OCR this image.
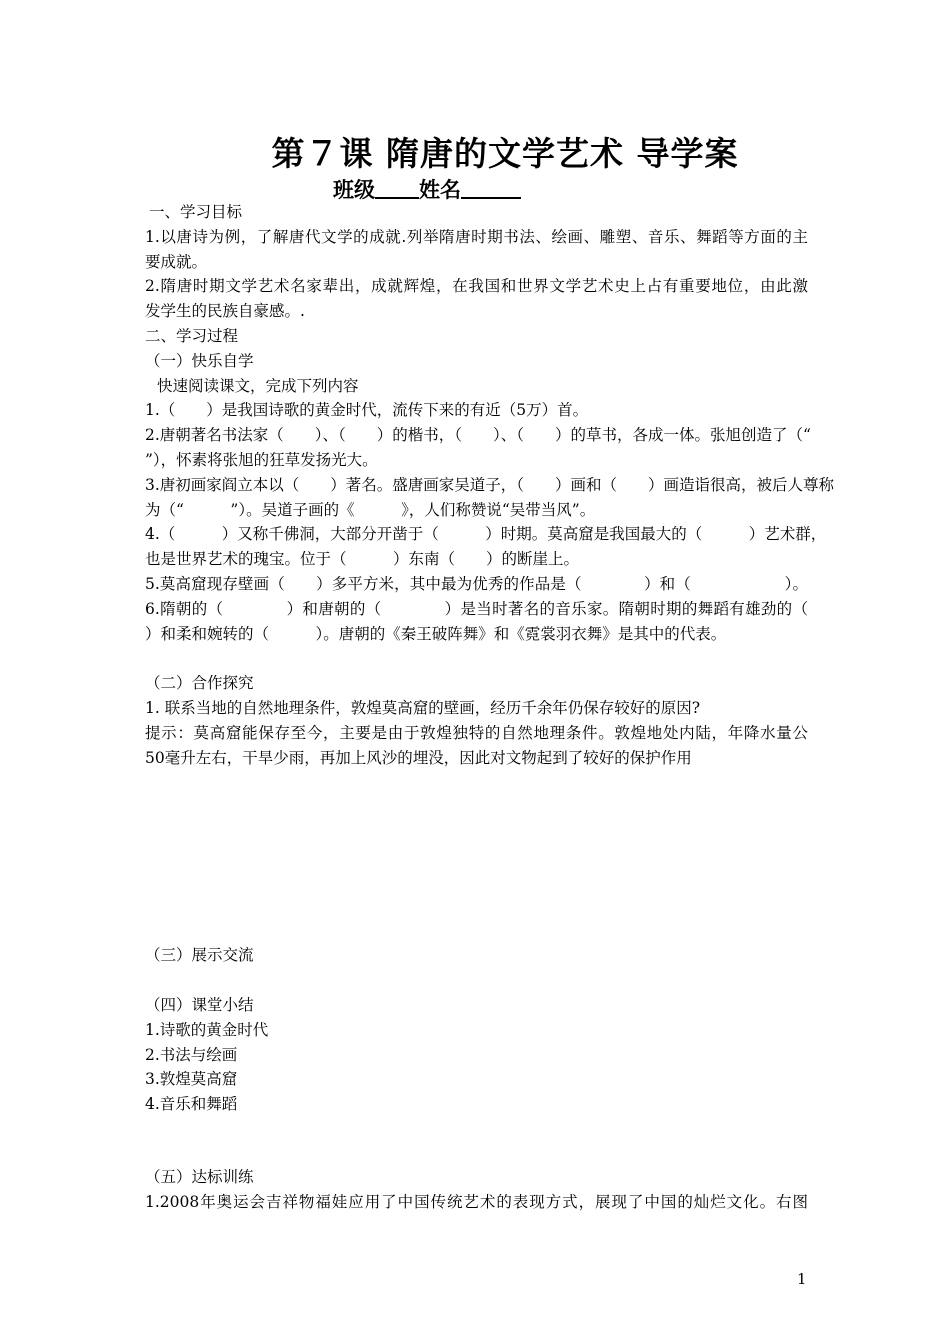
第７课 隋唐的文学艺术 导学案
班级 姓名
一、学习目标
1.以唐诗为例，了解唐代文学的成就.列举隋唐时期书法、绘画、雕塑、音乐、舞蹈等方面的主
要成就。
2.隋唐时期文学艺术名家辈出，成就辉煌，在我国和世界文学艺术史上占有重要地位，由此激
发学生的民族自豪感。.
二、学习过程
（一）快乐自学
快速阅读课文，完成下列内容
1.（　　）是我国诗歌的黄金时代，流传下来的有近（5万）首。
2.唐朝著名书法家（　　）、（　　）的楷书，（　　）、（　　）的草书，各成一体。张旭创造了（“
”），怀素将张旭的狂草发扬光大。
3.唐初画家阎立本以（　　）著名。盛唐画家吴道子，（　　）画和（　　）画造诣很高，被后人尊称
为（“　　　”）。吴道子画的《　　　》，人们称赞说“吴带当风”。
4.（　　　）又称千佛洞，大部分开凿于（　　　）时期。莫高窟是我国最大的（　　　）艺术群，
也是世界艺术的瑰宝。位于（　　　）东南（　　）的断崖上。
5.莫高窟现存壁画（　　）多平方米，其中最为优秀的作品是（　　　　）和（　　　　　　）。
6.隋朝的（　　　　）和唐朝的（　　　　）是当时著名的音乐家。隋朝时期的舞蹈有雄劲的（
）和柔和婉转的（　　　）。唐朝的《秦王破阵舞》和《霓裳羽衣舞》是其中的代表。
（二）合作探究
1. 联系当地的自然地理条件，敦煌莫高窟的壁画，经历千余年仍保存较好的原因?
提示：莫高窟能保存至今，主要是由于敦煌独特的自然地理条件。敦煌地处内陆，年降水量公
50毫升左右，干旱少雨，再加上风沙的埋没，因此对文物起到了较好的保护作用
（三）展示交流
（四）课堂小结
1.诗歌的黄金时代
2.书法与绘画
3.敦煌莫高窟
4.音乐和舞蹈
（五）达标训练
1.2008年奥运会吉祥物福娃应用了中国传统艺术的表现方式，展现了中国的灿烂文化。右图
1
